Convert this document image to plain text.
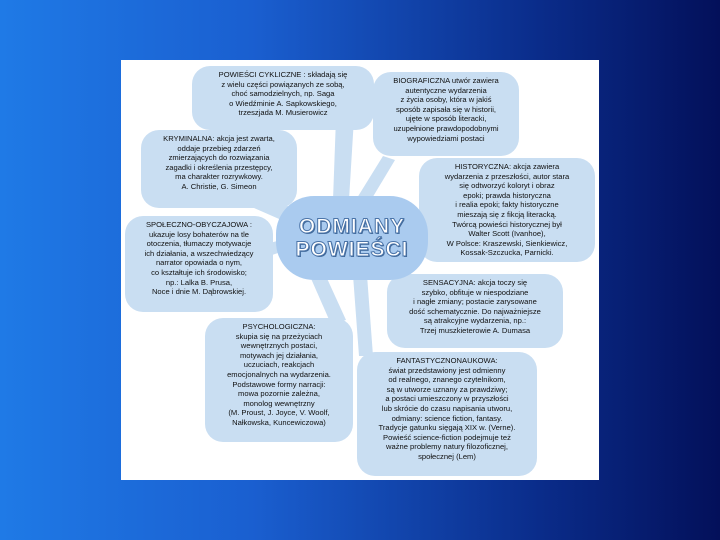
POWIEŚCI CYKLICZNE : składają się
z wielu części powiązanych ze sobą,
choć samodzielnych, np. Saga
o Wiedźminie A. Sapkowskiego,
trzeszjada M. Musierowicz
KRYMINALNA: akcja jest zwarta,
oddaje przebieg zdarzeń
zmierzających do rozwiązania
zagadki i określenia przestępcy,
ma charakter rozrywkowy.
A. Christie, G. Simeon
SPOŁECZNO-OBYCZAJOWA :
ukazuje losy bohaterów na tle
otoczenia, tłumaczy motywacje
ich działania, a wszechwiedzący
narrator opowiada o nym,
co kształtuje ich środowisko;
np.: Lalka B. Prusa,
Noce i dnie M. Dąbrowskiej.
PSYCHOLOGICZNA:
skupia się na przeżyciach
wewnętrznych postaci,
motywach jej działania,
uczuciach, reakcjach
emocjonalnych na wydarzenia.
Podstawowe formy narracji:
mowa pozornie zależna,
monolog wewnętrzny
(M. Proust, J. Joyce, V. Woolf,
Nałkowska, Kuncewiczowa)
BIOGRAFICZNA utwór zawiera
autentyczne wydarzenia
z życia osoby, która w jakiś
sposób zapisała się w historii,
ujęte w sposób literacki,
uzupełnione prawdopodobnymi
wypowiedziami postaci
HISTORYCZNA: akcja zawiera
wydarzenia z przeszłości, autor stara
się odtworzyć koloryt i obraz
epoki; prawda historyczna
i realia epoki; fakty historyczne
mieszają się z fikcją literacką.
Twórcą powieści historycznej był
Walter Scott (Ivanhoe),
W Polsce: Kraszewski, Sienkiewicz,
Kossak-Szczucka, Parnicki.
SENSACYJNA: akcja toczy się
szybko, obfituje w niespodziane
i nagłe zmiany; postacie zarysowane
dość schematycznie. Do najważniejsze
są atrakcyjne wydarzenia, np.:
Trzej muszkieterowie A. Dumasa
FANTASTYCZNONAUKOWA:
świat przedstawiony jest odmienny
od realnego, znanego czytelnikom,
są w utworze uznany za prawdziwy;
a postaci umieszczony w przyszłości
lub skrócie do czasu napisania utworu,
odmiany: science fiction, fantasy.
Tradycje gatunku sięgają XIX w. (Verne).
Powieść science-fiction podejmuje też
ważne problemy natury filozoficznej,
społecznej (Lem)
ODMIANY
POWIEŚCI
